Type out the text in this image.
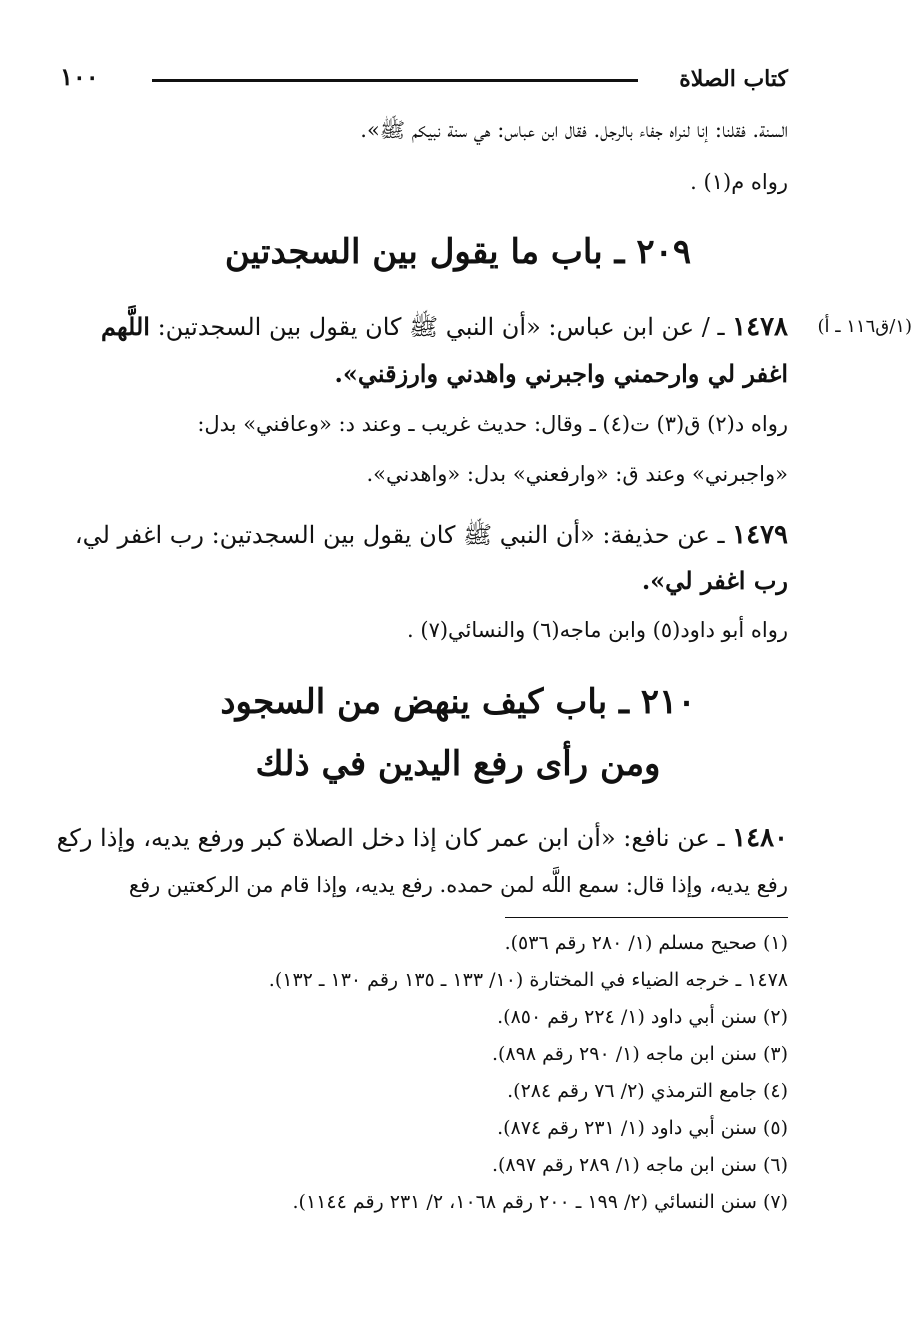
كتاب الصلاة
١٠٠
السنة. فقلنا: إنا لنراه جفاء بالرجل. فقال ابن عباس: هي سنة نبيكم ﷺ».
رواه م(١) .
٢٠٩ ـ باب ما يقول بين السجدتين
(١/ق١١٦ ـ أ)
١٤٧٨ ـ / عن ابن عباس: «أن النبي ﷺ كان يقول بين السجدتين: اللَّهم
اغفر لي وارحمني واجبرني واهدني وارزقني».
رواه د(٢) ق(٣) ت(٤) ـ وقال: حديث غريب ـ وعند د: «وعافني» بدل:
«واجبرني» وعند ق: «وارفعني» بدل: «واهدني».
١٤٧٩ ـ عن حذيفة: «أن النبي ﷺ كان يقول بين السجدتين: رب اغفر لي،
رب اغفر لي».
رواه أبو داود(٥) وابن ماجه(٦) والنسائي(٧) .
٢١٠ ـ باب كيف ينهض من السجود
ومن رأى رفع اليدين في ذلك
١٤٨٠ ـ عن نافع: «أن ابن عمر كان إذا دخل الصلاة كبر ورفع يديه، وإذا ركع
رفع يديه، وإذا قال: سمع اللَّه لمن حمده. رفع يديه، وإذا قام من الركعتين رفع
(١) صحيح مسلم (١/ ٢٨٠ رقم ٥٣٦).
١٤٧٨ ـ خرجه الضياء في المختارة (١٠/ ١٣٣ ـ ١٣٥ رقم ١٣٠ ـ ١٣٢).
(٢) سنن أبي داود (١/ ٢٢٤ رقم ٨٥٠).
(٣) سنن ابن ماجه (١/ ٢٩٠ رقم ٨٩٨).
(٤) جامع الترمذي (٢/ ٧٦ رقم ٢٨٤).
(٥) سنن أبي داود (١/ ٢٣١ رقم ٨٧٤).
(٦) سنن ابن ماجه (١/ ٢٨٩ رقم ٨٩٧).
(٧) سنن النسائي (٢/ ١٩٩ ـ ٢٠٠ رقم ١٠٦٨، ٢/ ٢٣١ رقم ١١٤٤).
